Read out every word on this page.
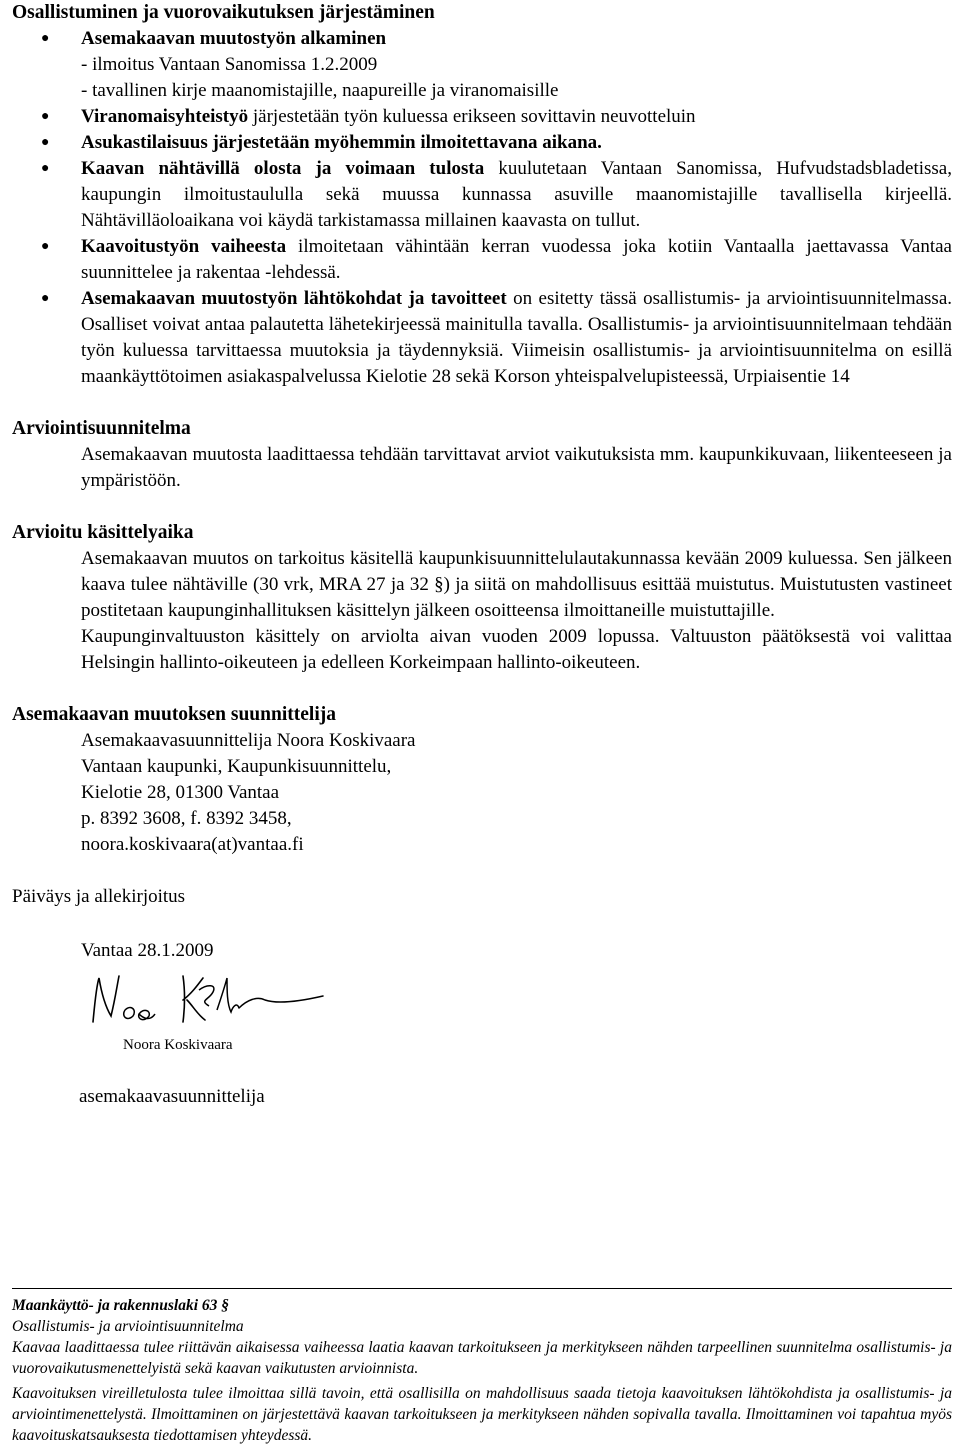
Osallistuminen ja vuorovaikutuksen järjestäminen
● Asemakaavan muutostyön alkaminen
- ilmoitus Vantaan Sanomissa 1.2.2009
- tavallinen kirje maanomistajille, naapureille ja viranomaisille
● Viranomaisyhteistyö järjestetään työn kuluessa erikseen sovittavin neuvotteluin
● Asukastilaisuus järjestetään myöhemmin ilmoitettavana aikana.
● Kaavan nähtävillä olosta ja voimaan tulosta kuulutetaan Vantaan Sanomissa, Hufvudstadsbladetissa, kaupungin ilmoitustaululla sekä muussa kunnassa asuville maanomistajille tavallisella kirjeellä. Nähtävilläoloaikana voi käydä tarkistamassa millainen kaavasta on tullut.
● Kaavoitustyön vaiheesta ilmoitetaan vähintään kerran vuodessa joka kotiin Vantaalla jaettavassa Vantaa suunnittelee ja rakentaa -lehdessä.
● Asemakaavan muutostyön lähtökohdat ja tavoitteet on esitetty tässä osallistumis- ja arviointisuunnitelmassa. Osalliset voivat antaa palautetta lähetekirjeessä mainitulla tavalla. Osallistumis- ja arviointisuunnitelmaan tehdään työn kuluessa tarvittaessa muutoksia ja täydennyksiä. Viimeisin osallistumis- ja arviointisuunnitelma on esillä maankäyttötoimen asiakaspalvelussa Kielotie 28 sekä Korson yhteispalvelupisteessä, Urpiaisentie 14
Arviointisuunnitelma
Asemakaavan muutosta laadittaessa tehdään tarvittavat arviot vaikutuksista mm. kaupunkikuvaan, liikenteeseen ja ympäristöön.
Arvioitu käsittelyaika
Asemakaavan muutos on tarkoitus käsitellä kaupunkisuunnittelulautakunnassa kevään 2009 kuluessa. Sen jälkeen kaava tulee nähtäville (30 vrk, MRA 27 ja 32 §) ja siitä on mahdollisuus esittää muistutus. Muistutusten vastineet postitetaan kaupunginhallituksen käsittelyn jälkeen osoitteensa ilmoittaneille muistuttajille.
Kaupunginvaltuuston käsittely on arviolta aivan vuoden 2009 lopussa. Valtuuston päätöksestä voi valittaa Helsingin hallinto-oikeuteen ja edelleen Korkeimpaan hallinto-oikeuteen.
Asemakaavan muutoksen suunnittelija
Asemakaavasuunnittelija Noora Koskivaara
Vantaan kaupunki, Kaupunkisuunnittelu,
Kielotie 28, 01300 Vantaa
p. 8392 3608, f. 8392 3458,
noora.koskivaara(at)vantaa.fi
Päiväys ja allekirjoitus
Vantaa 28.1.2009
Noora Koskivaara
asemakaavasuunnittelija
Maankäyttö- ja rakennuslaki 63 §
Osallistumis- ja arviointisuunnitelma

Kaavaa laadittaessa tulee riittävän aikaisessa vaiheessa laatia kaavan tarkoitukseen ja merkitykseen nähden tarpeellinen suunnitelma osallistumis- ja vuorovaikutusmenettelyistä sekä kaavan vaikutusten arvioinnista.

Kaavoituksen vireilletulosta tulee ilmoittaa sillä tavoin, että osallisilla on mahdollisuus saada tietoja kaavoituksen lähtökohdista ja osallistumis- ja arviointimenettelystä. Ilmoittaminen on järjestettävä kaavan tarkoitukseen ja merkitykseen nähden sopivalla tavalla. Ilmoittaminen voi tapahtua myös kaavoituskatsauksesta tiedottamisen yhteydessä.
